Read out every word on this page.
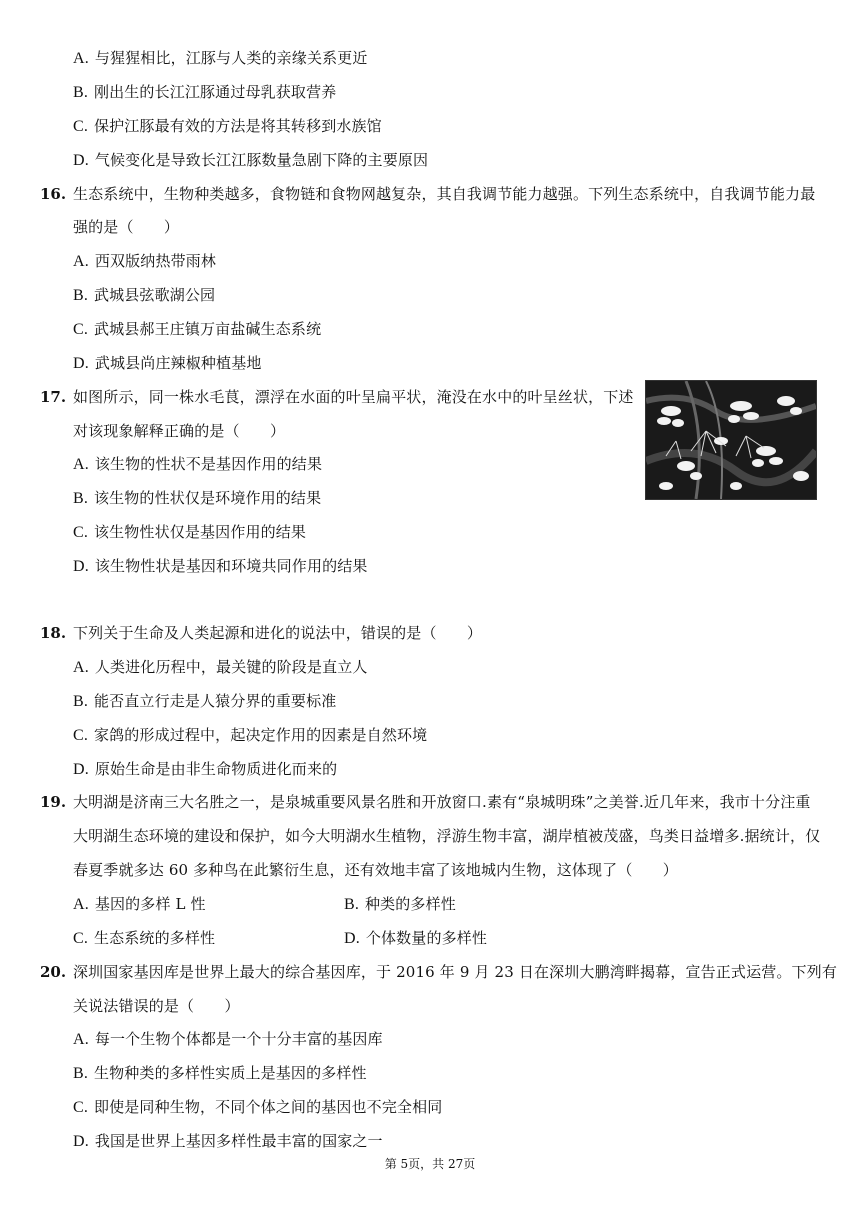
A. 与猩猩相比，江豚与人类的亲缘关系更近
B. 刚出生的长江江豚通过母乳获取营养
C. 保护江豚最有效的方法是将其转移到水族馆
D. 气候变化是导致长江江豚数量急剧下降的主要原因
16. 生态系统中，生物种类越多，食物链和食物网越复杂，其自我调节能力越强。下列生态系统中，自我调节能力最
强的是（　　）
A. 西双版纳热带雨林
B. 武城县弦歌湖公园
C. 武城县郝王庄镇万亩盐碱生态系统
D. 武城县尚庄辣椒种植基地
17. 如图所示，同一株水毛茛，漂浮在水面的叶呈扁平状，淹没在水中的叶呈丝状，下述
对该现象解释正确的是（　　）
A. 该生物的性状不是基因作用的结果
B. 该生物的性状仅是环境作用的结果
C. 该生物性状仅是基因作用的结果
D. 该生物性状是基因和环境共同作用的结果
18. 下列关于生命及人类起源和进化的说法中，错误的是（　　）
A. 人类进化历程中，最关键的阶段是直立人
B. 能否直立行走是人猿分界的重要标准
C. 家鸽的形成过程中，起决定作用的因素是自然环境
D. 原始生命是由非生命物质进化而来的
19. 大明湖是济南三大名胜之一，是泉城重要风景名胜和开放窗口.素有“泉城明珠”之美誉.近几年来，我市十分注重
大明湖生态环境的建设和保护，如今大明湖水生植物，浮游生物丰富，湖岸植被茂盛，鸟类日益增多.据统计，仅
春夏季就多达 60 多种鸟在此繁衍生息，还有效地丰富了该地城内生物，这体现了（　　）
A. 基因的多样 L 性	B. 种类的多样性
C. 生态系统的多样性	D. 个体数量的多样性
20. 深圳国家基因库是世界上最大的综合基因库，于 2016 年 9 月 23 日在深圳大鹏湾畔揭幕，宣告正式运营。下列有
关说法错误的是（　　）
A. 每一个生物个体都是一个十分丰富的基因库
B. 生物种类的多样性实质上是基因的多样性
C. 即使是同种生物，不同个体之间的基因也不完全相同
D. 我国是世界上基因多样性最丰富的国家之一
第 5页，共 27页
